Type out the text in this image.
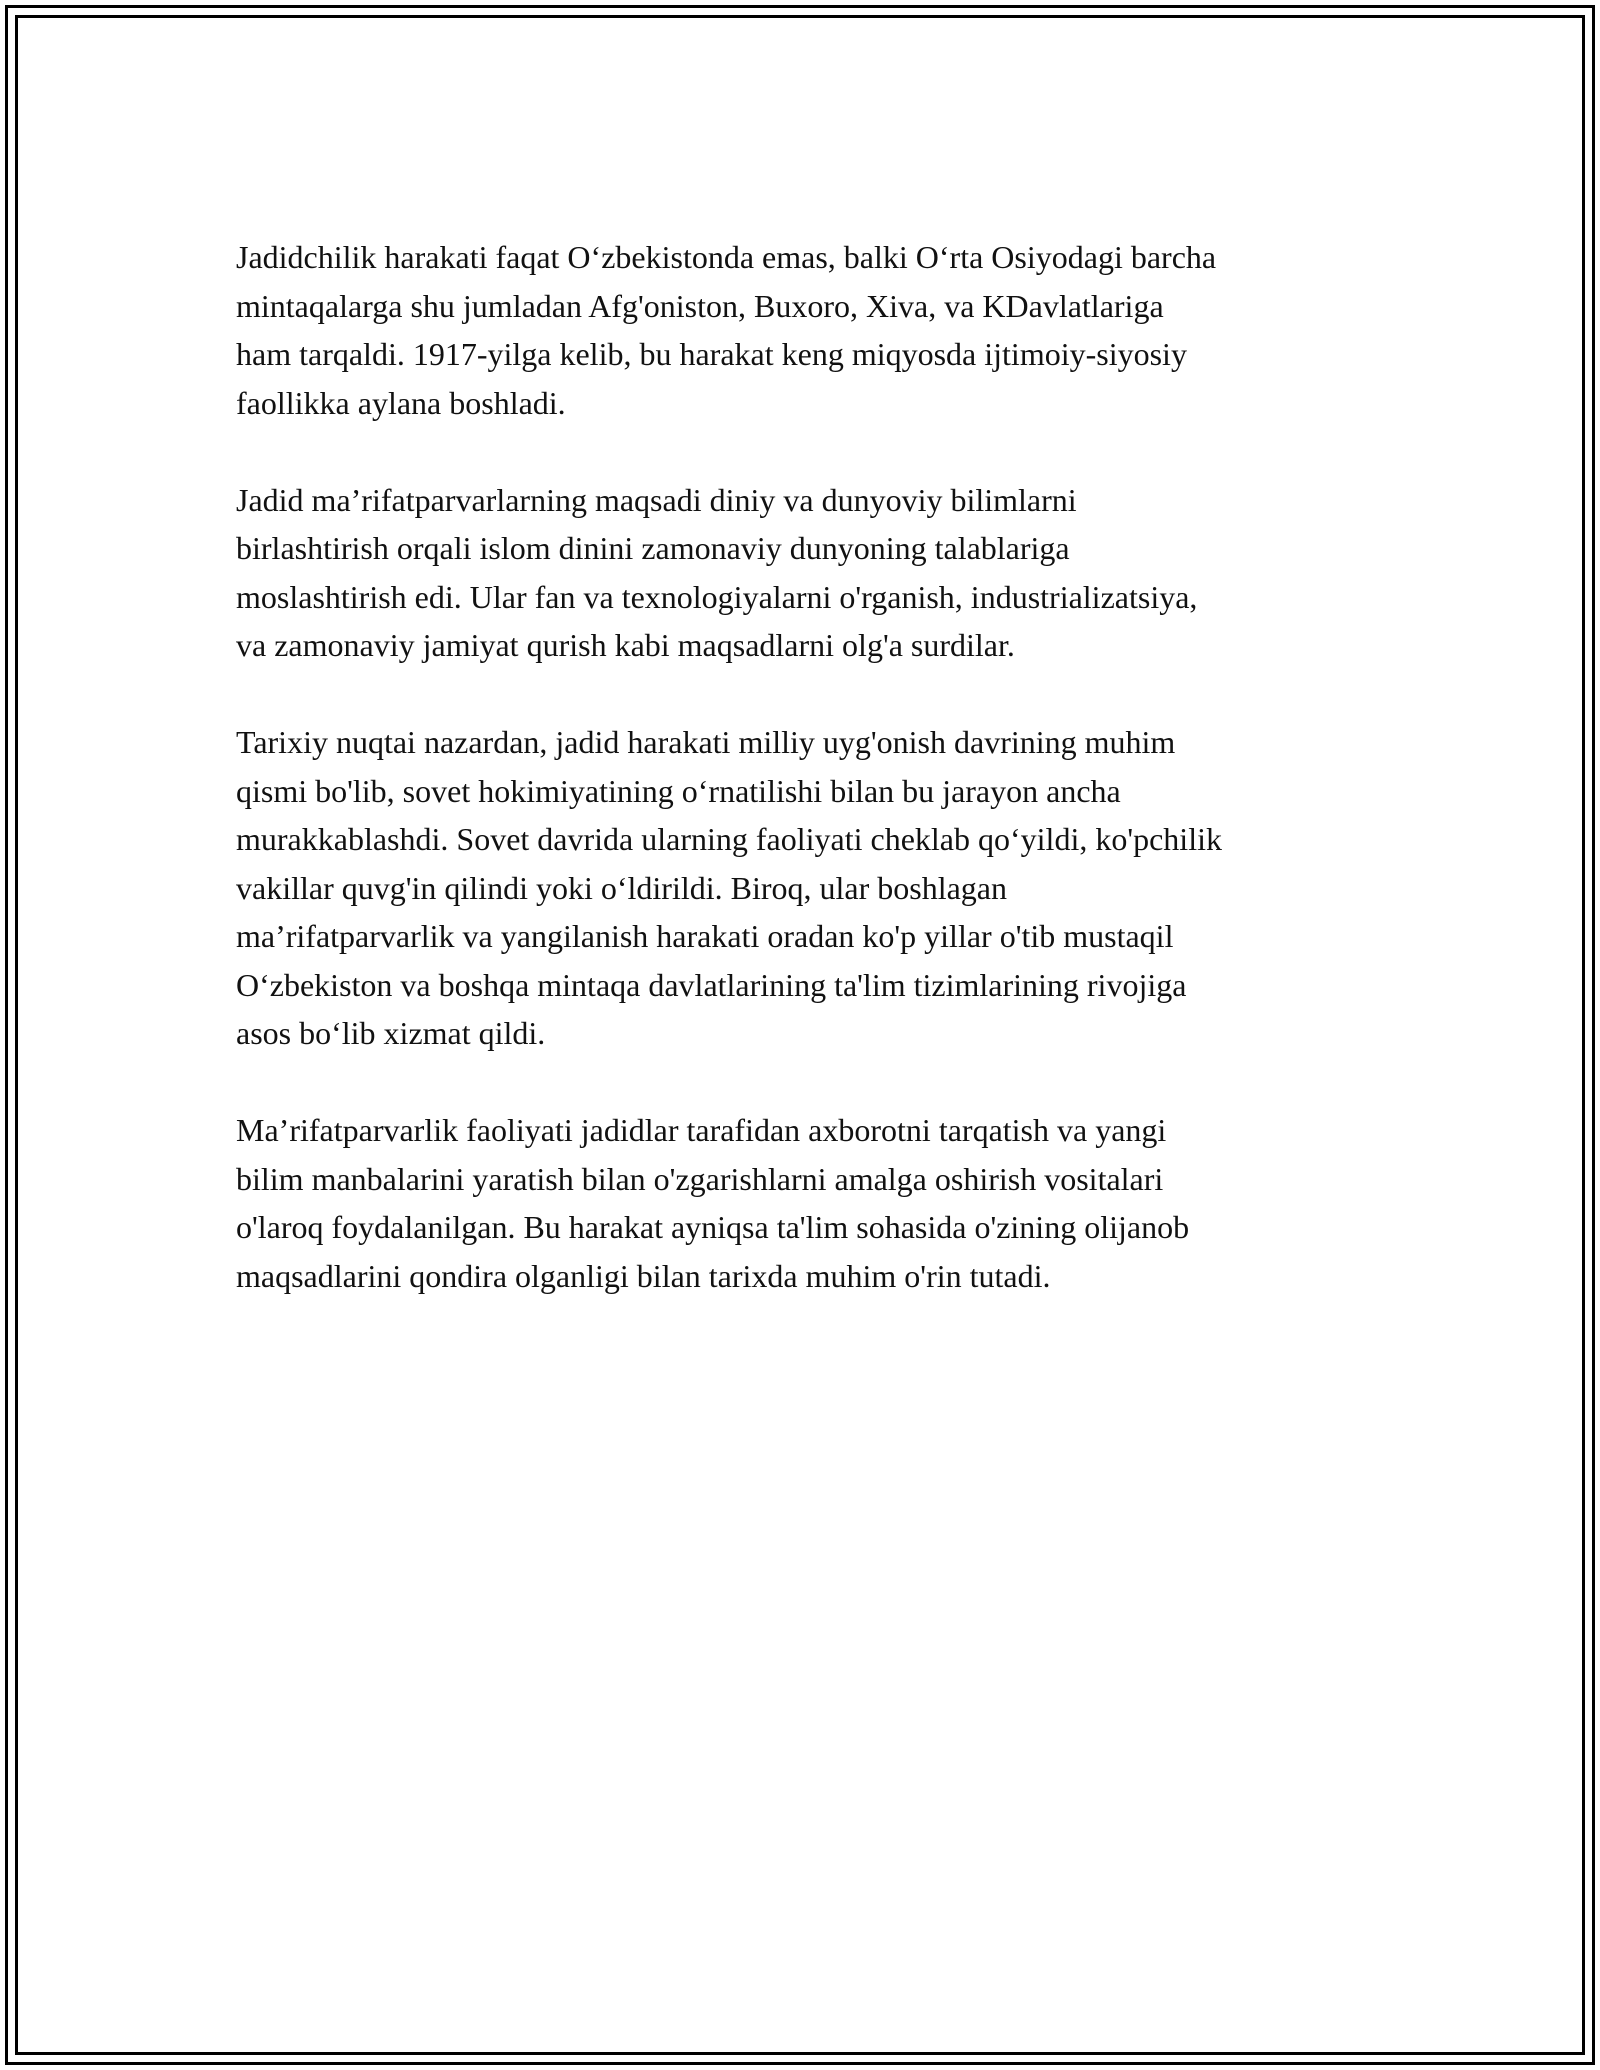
Jadidchilik harakati faqat O‘zbekistonda emas, balki O‘rta Osiyodagi barcha
mintaqalarga shu jumladan Afg'oniston, Buxoro, Xiva, va KDavlatlariga
ham tarqaldi. 1917-yilga kelib, bu harakat keng miqyosda ijtimoiy-siyosiy
faollikka aylana boshladi.

Jadid ma’rifatparvarlarning maqsadi diniy va dunyoviy bilimlarni
birlashtirish orqali islom dinini zamonaviy dunyoning talablariga
moslashtirish edi. Ular fan va texnologiyalarni o'rganish, industrializatsiya,
va zamonaviy jamiyat qurish kabi maqsadlarni olg'a surdilar.

Tarixiy nuqtai nazardan, jadid harakati milliy uyg'onish davrining muhim
qismi bo'lib, sovet hokimiyatining o‘rnatilishi bilan bu jarayon ancha
murakkablashdi. Sovet davrida ularning faoliyati cheklab qo‘yildi, ko'pchilik
vakillar quvg'in qilindi yoki o‘ldirildi. Biroq, ular boshlagan
ma’rifatparvarlik va yangilanish harakati oradan ko'p yillar o'tib mustaqil
O‘zbekiston va boshqa mintaqa davlatlarining ta'lim tizimlarining rivojiga
asos bo‘lib xizmat qildi.

Ma’rifatparvarlik faoliyati jadidlar tarafidan axborotni tarqatish va yangi
bilim manbalarini yaratish bilan o'zgarishlarni amalga oshirish vositalari
o'laroq foydalanilgan. Bu harakat ayniqsa ta'lim sohasida o'zining olijanob
maqsadlarini qondira olganligi bilan tarixda muhim o'rin tutadi.
